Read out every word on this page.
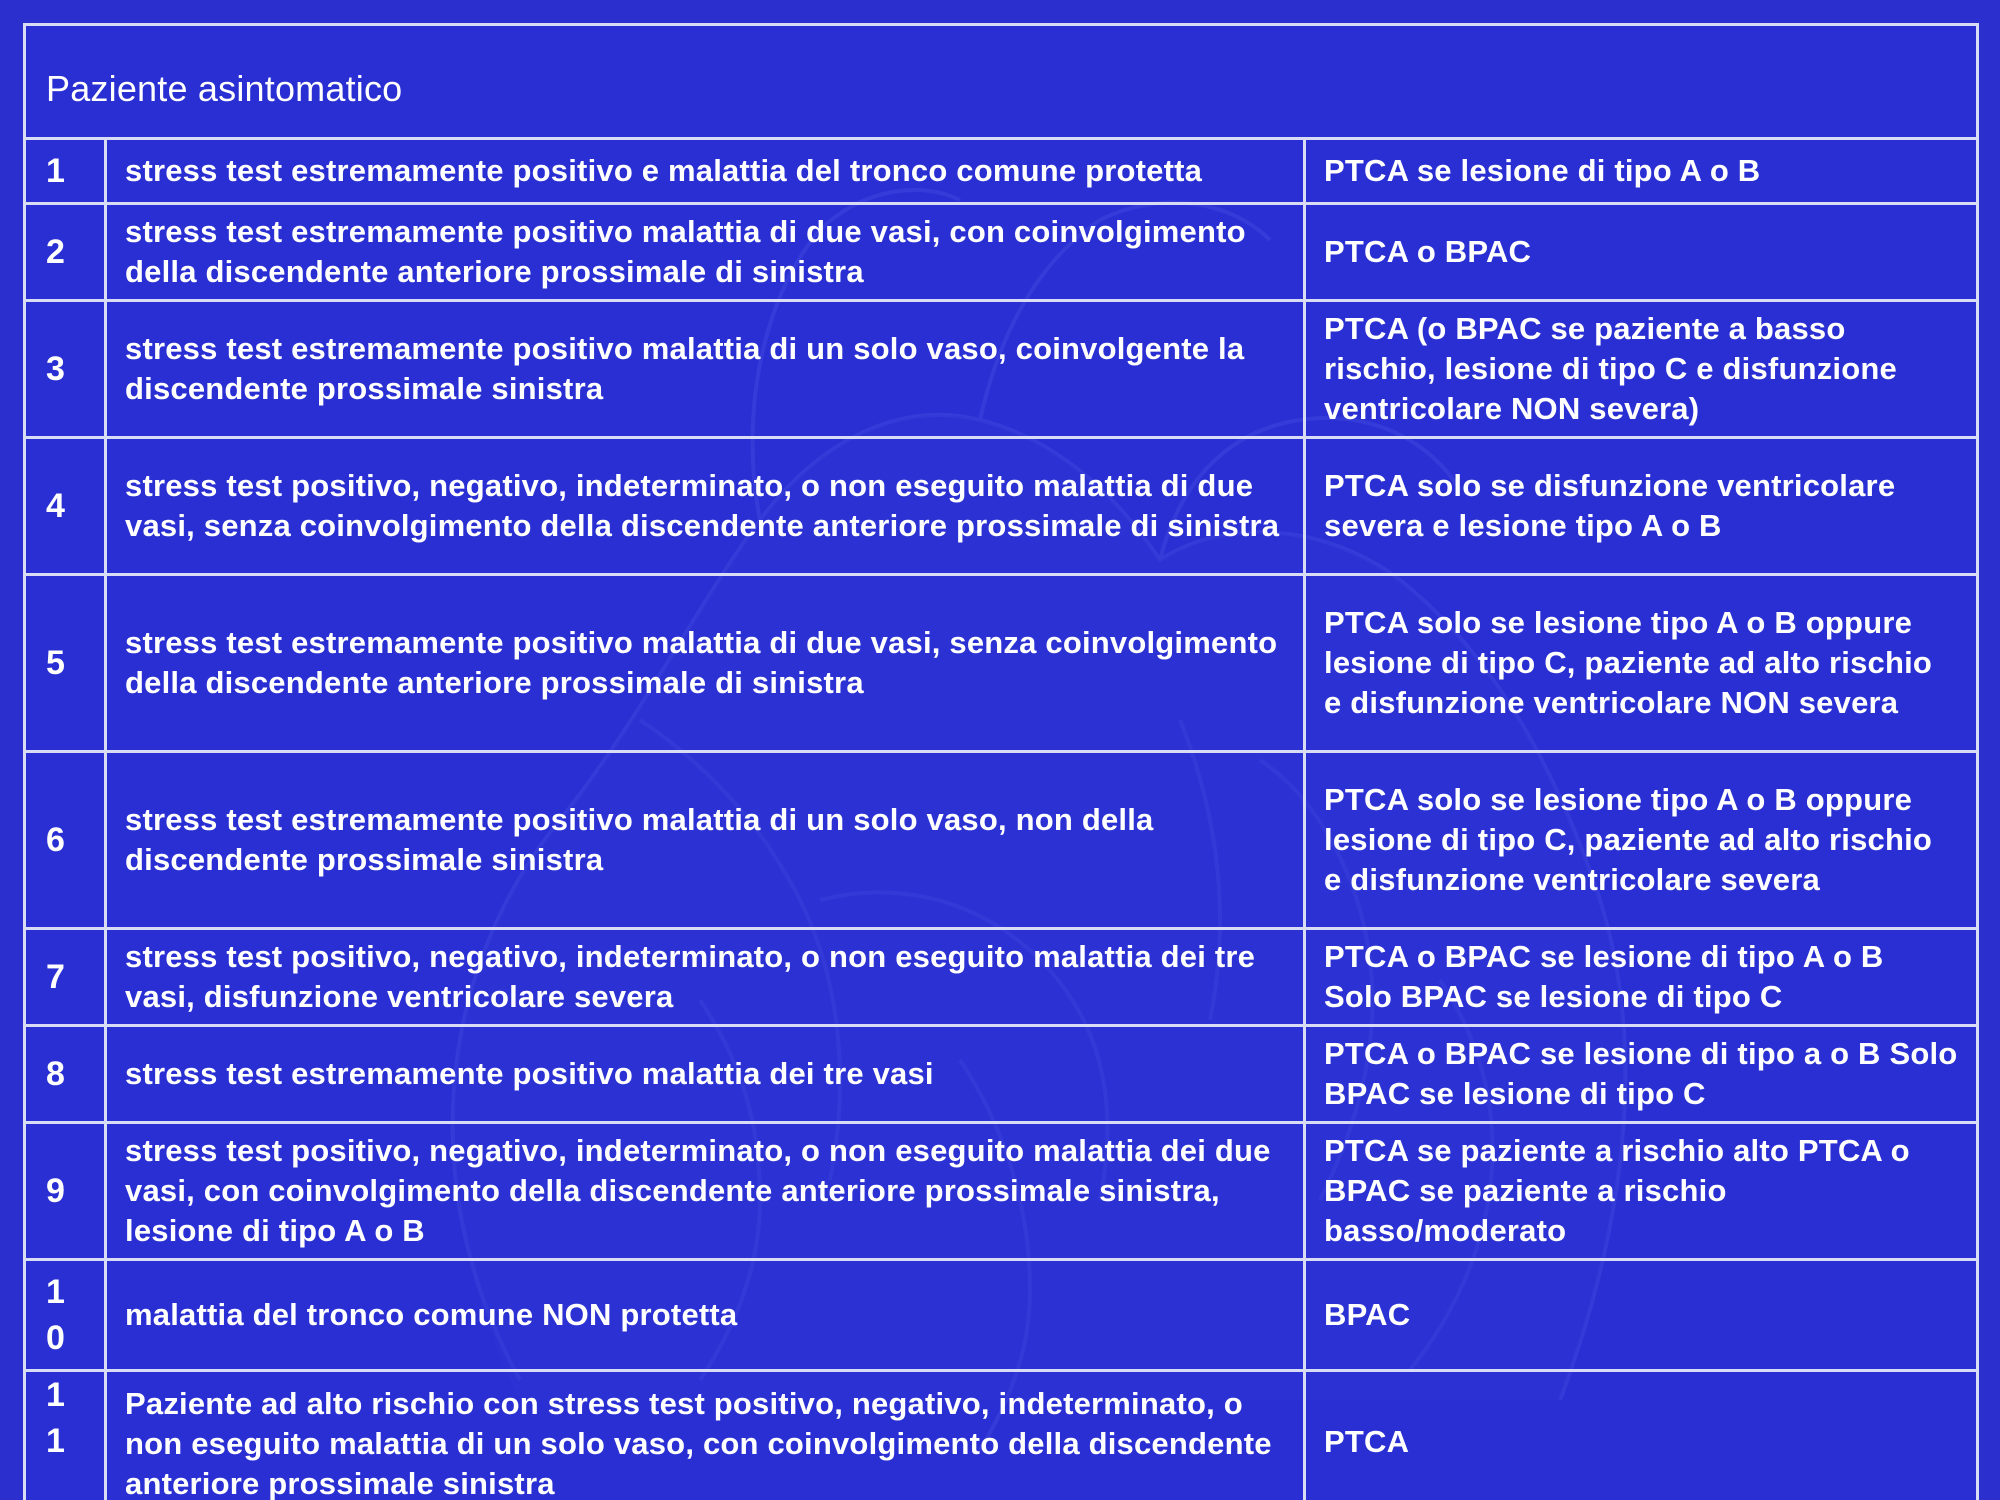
Paziente asintomatico		

1	stress test estremamente positivo e malattia del tronco comune protetta	PTCA se lesione di tipo A o B

2	stress test estremamente positivo malattia di due vasi, con coinvolgimento della discendente anteriore prossimale di sinistra	PTCA o BPAC

3	stress test estremamente positivo malattia di un solo vaso, coinvolgente la discendente prossimale sinistra	PTCA (o BPAC se paziente a basso rischio, lesione di tipo C e disfunzione ventricolare NON severa)

4	stress test positivo, negativo, indeterminato, o non eseguito malattia di due vasi, senza coinvolgimento della discendente anteriore prossimale di sinistra	PTCA solo se disfunzione ventricolare severa e lesione tipo A o B

5	stress test estremamente positivo malattia di due vasi, senza coinvolgimento della discendente anteriore prossimale di sinistra	PTCA solo se lesione tipo A o B oppure lesione di tipo C, paziente ad alto rischio e disfunzione ventricolare NON severa

6	stress test estremamente positivo malattia di un solo vaso, non della discendente prossimale sinistra	PTCA solo se lesione tipo A o B oppure lesione di tipo C, paziente ad alto rischio e disfunzione ventricolare severa

7	stress test positivo, negativo, indeterminato, o non eseguito malattia dei tre vasi, disfunzione ventricolare severa	PTCA o BPAC se lesione di tipo A o B Solo BPAC se lesione di tipo C

8	stress test estremamente positivo malattia dei tre vasi	PTCA o BPAC se lesione di tipo a o B Solo BPAC se lesione di tipo C

9	stress test positivo, negativo, indeterminato, o non eseguito malattia dei due vasi, con coinvolgimento della discendente anteriore prossimale sinistra, lesione di tipo A o B	PTCA se paziente a rischio alto PTCA o BPAC se paziente a rischio basso/moderato

10	malattia del tronco comune NON protetta	BPAC

11	Paziente ad alto rischio con stress test positivo, negativo, indeterminato, o non eseguito malattia di un solo vaso, con coinvolgimento della discendente anteriore prossimale sinistra	PTCA
